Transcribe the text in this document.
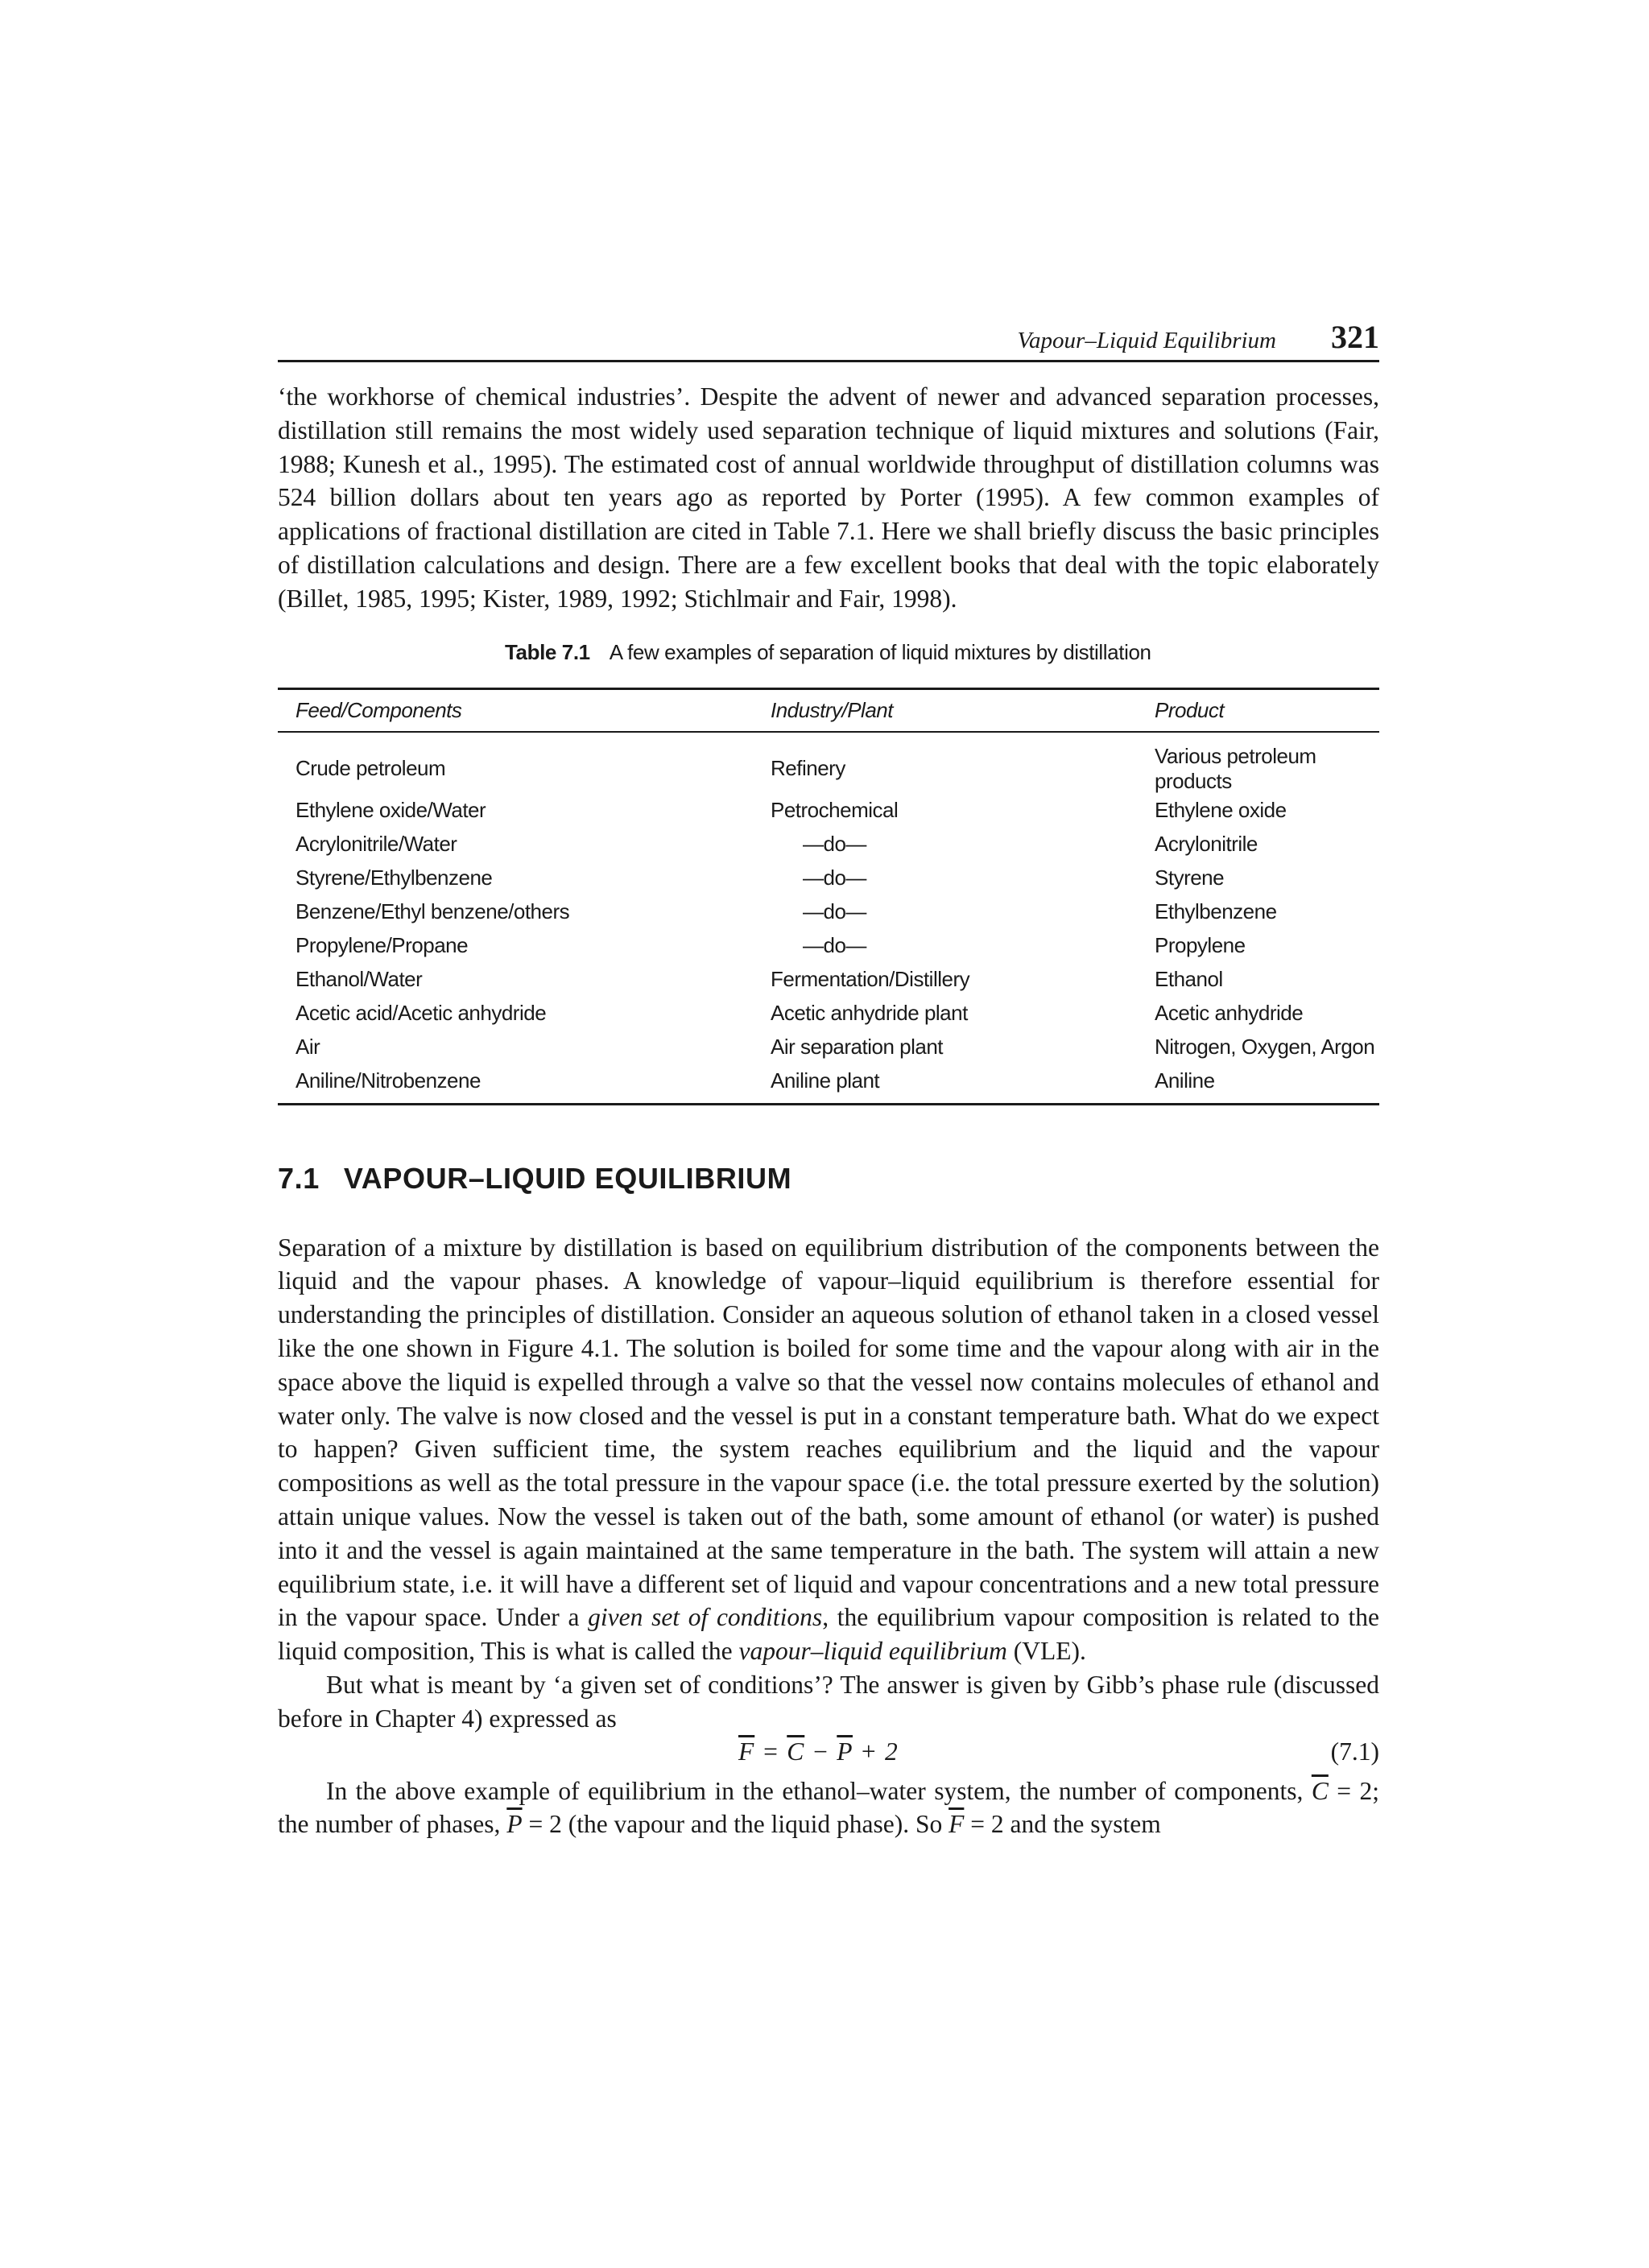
Vapour–Liquid Equilibrium 321

‘the workhorse of chemical industries’. Despite the advent of newer and advanced separation processes, distillation still remains the most widely used separation technique of liquid mixtures and solutions (Fair, 1988; Kunesh et al., 1995). The estimated cost of annual worldwide throughput of distillation columns was 524 billion dollars about ten years ago as reported by Porter (1995). A few common examples of applications of fractional distillation are cited in Table 7.1. Here we shall briefly discuss the basic principles of distillation calculations and design. There are a few excellent books that deal with the topic elaborately (Billet, 1985, 1995; Kister, 1989, 1992; Stichlmair and Fair, 1998).

Table 7.1 A few examples of separation of liquid mixtures by distillation
Feed/Components	Industry/Plant	Product
Crude petroleum	Refinery	Various petroleum products
Ethylene oxide/Water	Petrochemical	Ethylene oxide
Acrylonitrile/Water	—do—	Acrylonitrile
Styrene/Ethylbenzene	—do—	Styrene
Benzene/Ethyl benzene/others	—do—	Ethylbenzene
Propylene/Propane	—do—	Propylene
Ethanol/Water	Fermentation/Distillery	Ethanol
Acetic acid/Acetic anhydride	Acetic anhydride plant	Acetic anhydride
Air	Air separation plant	Nitrogen, Oxygen, Argon
Aniline/Nitrobenzene	Aniline plant	Aniline
7.1 VAPOUR–LIQUID EQUILIBRIUM

Separation of a mixture by distillation is based on equilibrium distribution of the components between the liquid and the vapour phases. A knowledge of vapour–liquid equilibrium is therefore essential for understanding the principles of distillation. Consider an aqueous solution of ethanol taken in a closed vessel like the one shown in Figure 4.1. The solution is boiled for some time and the vapour along with air in the space above the liquid is expelled through a valve so that the vessel now contains molecules of ethanol and water only. The valve is now closed and the vessel is put in a constant temperature bath. What do we expect to happen? Given sufficient time, the system reaches equilibrium and the liquid and the vapour compositions as well as the total pressure in the vapour space (i.e. the total pressure exerted by the solution) attain unique values. Now the vessel is taken out of the bath, some amount of ethanol (or water) is pushed into it and the vessel is again maintained at the same temperature in the bath. The system will attain a new equilibrium state, i.e. it will have a different set of liquid and vapour concentrations and a new total pressure in the vapour space. Under a given set of conditions, the equilibrium vapour composition is related to the liquid composition, This is what is called the vapour–liquid equilibrium (VLE).

But what is meant by ‘a given set of conditions’? The answer is given by Gibb’s phase rule (discussed before in Chapter 4) expressed as

$\overline{F} = \overline{C} - \overline{P} + 2$	(7.1)

In the above example of equilibrium in the ethanol–water system, the number of components, $\overline{C} = 2$; the number of phases, $\overline{P} = 2$ (the vapour and the liquid phase). So $\overline{F} = 2$ and the system
